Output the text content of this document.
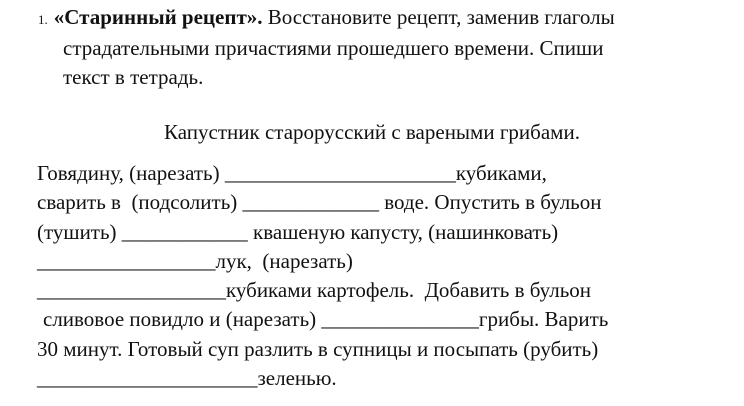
1. «Старинный рецепт». Восстановите рецепт, заменив глаголы
страдательными причастиями прошедшего времени. Спиши
текст в тетрадь.
Капустник старорусский с вареными грибами.
Говядину, (нарезать) ______________________кубиками,
сварить в  (подсолить) _____________ воде. Опустить в бульон
(тушить) ____________ квашеную капусту, (нашинковать)
_________________лук,  (нарезать)
__________________кубиками картофель.  Добавить в бульон
сливовое повидло и (нарезать) _______________грибы. Варить
30 минут. Готовый суп разлить в супницы и посыпать (рубить)
_____________________зеленью.
